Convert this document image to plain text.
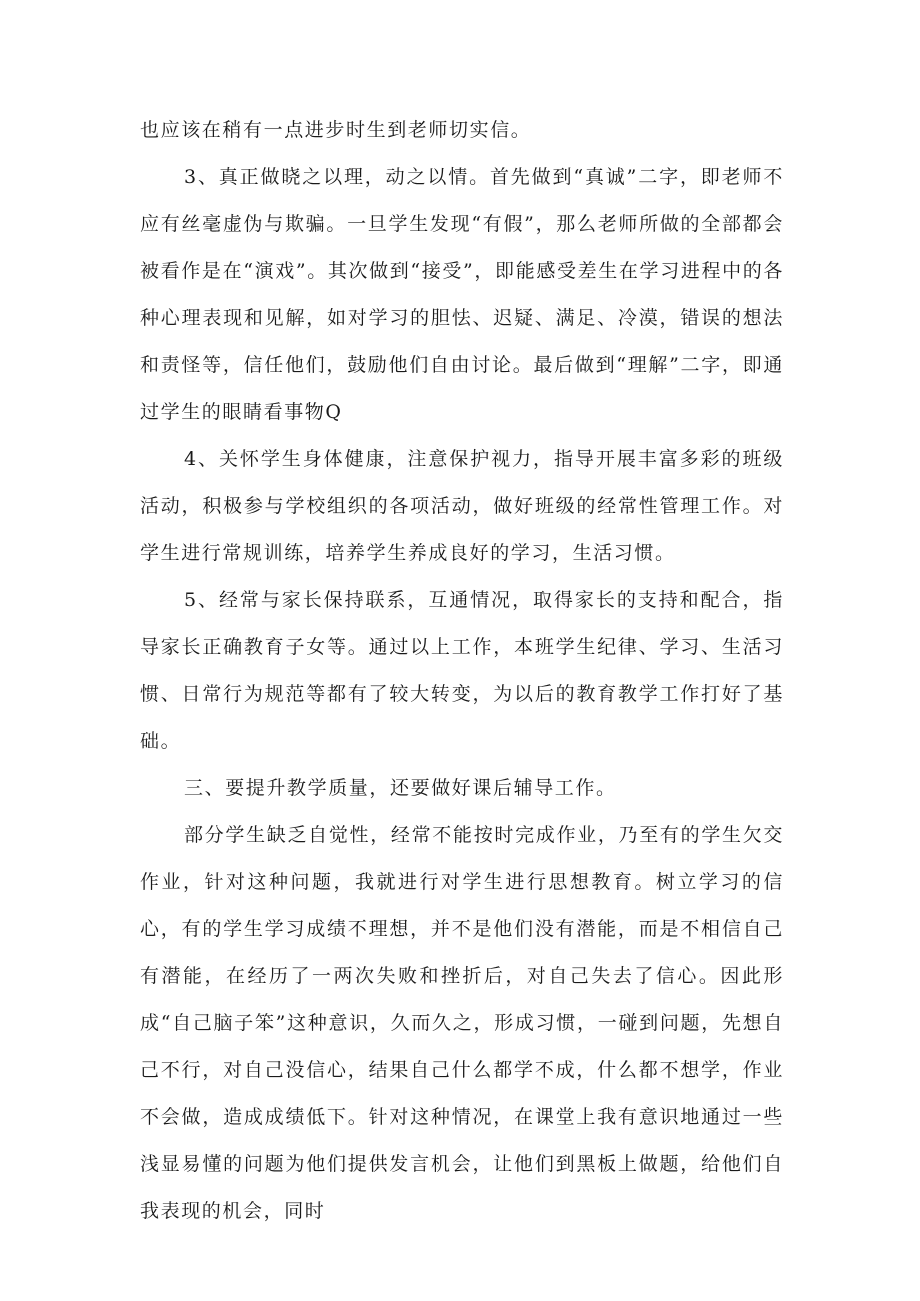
也应该在稍有一点进步时生到老师切实信。

3、真正做晓之以理，动之以情。首先做到“真诚”二字，即老师不应有丝毫虚伪与欺骗。一旦学生发现“有假”，那么老师所做的全部都会被看作是在“演戏”。其次做到“接受”，即能感受差生在学习进程中的各种心理表现和见解，如对学习的胆怯、迟疑、满足、冷漠，错误的想法和责怪等，信任他们，鼓励他们自由讨论。最后做到“理解”二字，即通过学生的眼睛看事物Q

4、关怀学生身体健康，注意保护视力，指导开展丰富多彩的班级活动，积极参与学校组织的各项活动，做好班级的经常性管理工作。对学生进行常规训练，培养学生养成良好的学习，生活习惯。

5、经常与家长保持联系，互通情况，取得家长的支持和配合，指导家长正确教育子女等。通过以上工作，本班学生纪律、学习、生活习惯、日常行为规范等都有了较大转变，为以后的教育教学工作打好了基础。

三、要提升教学质量，还要做好课后辅导工作。

部分学生缺乏自觉性，经常不能按时完成作业，乃至有的学生欠交作业，针对这种问题，我就进行对学生进行思想教育。树立学习的信心，有的学生学习成绩不理想，并不是他们没有潜能，而是不相信自己有潜能，在经历了一两次失败和挫折后，对自己失去了信心。因此形成“自己脑子笨”这种意识，久而久之，形成习惯，一碰到问题，先想自己不行，对自己没信心，结果自己什么都学不成，什么都不想学，作业不会做，造成成绩低下。针对这种情况，在课堂上我有意识地通过一些浅显易懂的问题为他们提供发言机会，让他们到黑板上做题，给他们自我表现的机会，同时
